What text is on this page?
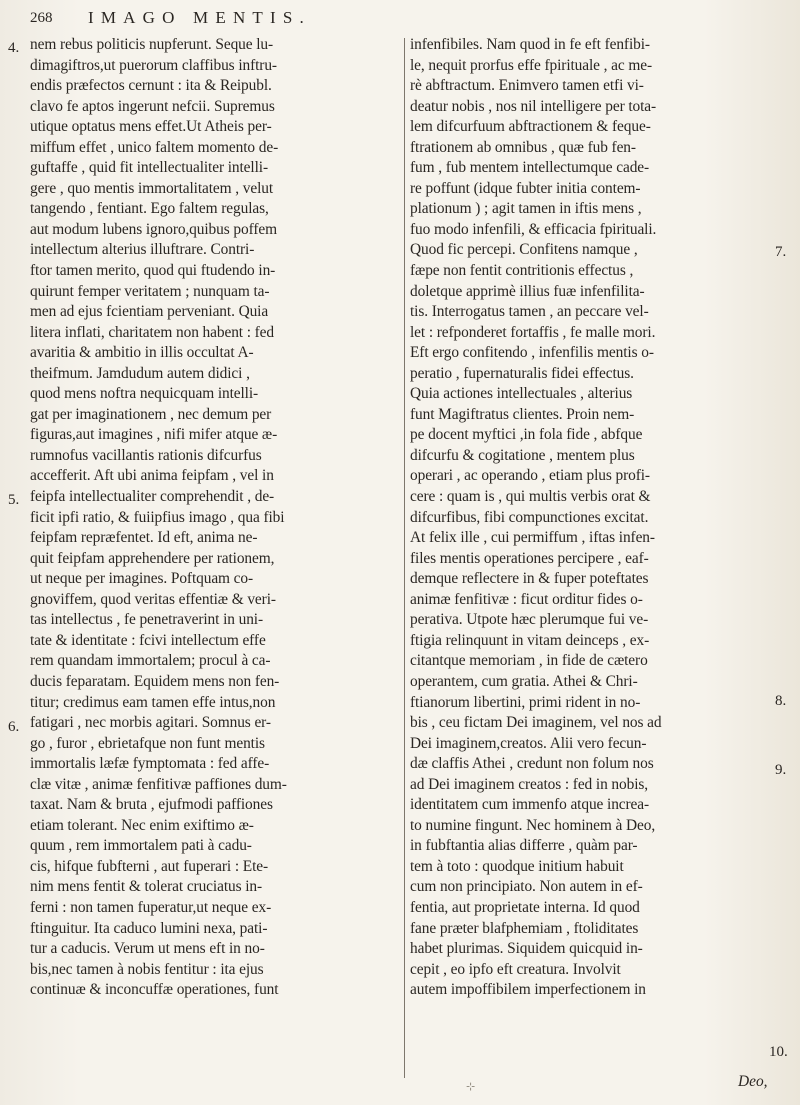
268 IMAGO MENTIS.
nem rebus politicis nupferunt. Seque lu-
dimagiftros,ut puerorum claffibus inftru-
endis præfectos cernunt : ita & Reipubl.
clavo fe aptos ingerunt nefcii. Supremus
utique optatus mens effet.Ut Atheis per-
miffum effet , unico faltem momento de-
guftaffe , quid fit intellectualiter intelli-
gere , quo mentis immortalitatem , velut
tangendo , fentiant. Ego faltem regulas,
aut modum lubens ignoro,quibus poffem
intellectum alterius illuftrare. Contri-
ftor tamen merito, quod qui ftudendo in-
quirunt femper veritatem ; nunquam ta-
men ad ejus fcientiam perveniant. Quia
litera inflati, charitatem non habent : fed
avaritia & ambitio in illis occultat A-
theifmum. Jamdudum autem didici ,
quod mens noftra nequicquam intelli-
gat per imaginationem , nec demum per
figuras,aut imagines , nifi mifer atque æ-
rumnofus vacillantis rationis difcurfus
accefferit. Aft ubi anima feipfam , vel in
feipfa intellectualiter comprehendit , de-
ficit ipfi ratio, & fuiipfius imago , qua fibi
feipfam repræfentet. Id eft, anima ne-
quit feipfam apprehendere per rationem,
ut neque per imagines. Poftquam co-
gnoviffem, quod veritas effentiæ & veri-
tas intellectus , fe penetraverint in uni-
tate & identitate : fcivi intellectum effe
rem quandam immortalem; procul à ca-
ducis feparatam. Equidem mens non fen-
titur; credimus eam tamen effe intus,non
fatigari , nec morbis agitari. Somnus er-
go , furor , ebrietafque non funt mentis
immortalis læfæ fymptomata : fed affe-
clæ vitæ , animæ fenfitivæ paffiones dum-
taxat. Nam & bruta , ejufmodi paffiones
etiam tolerant. Nec enim exiftimo æ-
quum , rem immortalem pati à cadu-
cis, hifque fubfterni , aut fuperari : Ete-
nim mens fentit & tolerat cruciatus in-
ferni : non tamen fuperatur,ut neque ex-
ftinguitur. Ita caduco lumini nexa, pati-
tur a caducis. Verum ut mens eft in no-
bis,nec tamen à nobis fentitur : ita ejus
continuæ & inconcuffæ operationes, funt
infenfibiles. Nam quod in fe eft fenfibi-
le, nequit prorfus effe fpirituale , ac me-
rè abftractum. Enimvero tamen etfi vi-
deatur nobis , nos nil intelligere per tota-
lem difcurfuum abftractionem & feque-
ftrationem ab omnibus , quæ fub fen-
fum , fub mentem intellectumque cade-
re poffunt (idque fubter initia contem-
plationum ) ; agit tamen in iftis mens ,
fuo modo infenfili, & efficacia fpirituali.
Quod fic percepi. Confitens namque ,
fæpe non fentit contritionis effectus ,
doletque apprimè illius fuæ infenfilita-
tis. Interrogatus tamen , an peccare vel-
let : refponderet fortaffis , fe malle mori.
Eft ergo confitendo , infenfilis mentis o-
peratio , fupernaturalis fidei effectus.
Quia actiones intellectuales , alterius
funt Magiftratus clientes. Proin nem-
pe docent myftici ,in fola fide , abfque
difcurfu & cogitatione , mentem plus
operari , ac operando , etiam plus profi-
cere : quam is , qui multis verbis orat &
difcurfibus, fibi compunctiones excitat.
At felix ille , cui permiffum , iftas infen-
files mentis operationes percipere , eaf-
demque reflectere in & fuper poteftates
animæ fenfitivæ : ficut orditur fides o-
perativa. Utpote hæc plerumque fui ve-
ftigia relinquunt in vitam deinceps , ex-
citantque memoriam , in fide de cætero
operantem, cum gratia. Athei & Chri-
ftianorum libertini, primi rident in no-
bis , ceu fictam Dei imaginem, vel nos ad
Dei imaginem,creatos. Alii vero fecun-
dæ claffis Athei , credunt non folum nos
ad Dei imaginem creatos : fed in nobis,
identitatem cum immenfo atque increa-
to numine fingunt. Nec hominem à Deo,
in fubftantia alias differre , quàm par-
tem à toto : quodque initium habuit
cum non principiato. Non autem in ef-
fentia, aut proprietate interna. Id quod
fane præter blafphemiam , ftoliditates
habet plurimas. Siquidem quicquid in-
cepit , eo ipfo eft creatura. Involvit
autem impoffibilem imperfectionem in
4.
5.
6.
7.
8.
9.
10.
Deo,
⊹
